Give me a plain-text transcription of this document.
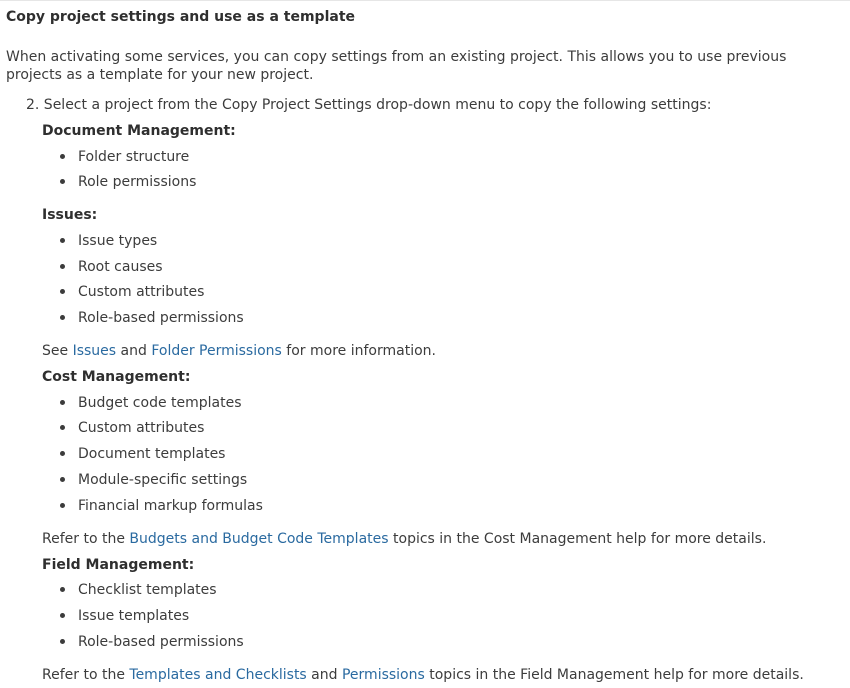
Copy project settings and use as a template
When activating some services, you can copy settings from an existing project. This allows you to use previous projects as a template for your new project.
2. Select a project from the Copy Project Settings drop-down menu to copy the following settings:
Document Management:
Folder structure
Role permissions
Issues:
Issue types
Root causes
Custom attributes
Role-based permissions
See Issues and Folder Permissions for more information.
Cost Management:
Budget code templates
Custom attributes
Document templates
Module-specific settings
Financial markup formulas
Refer to the Budgets and Budget Code Templates topics in the Cost Management help for more details.
Field Management:
Checklist templates
Issue templates
Role-based permissions
Refer to the Templates and Checklists and Permissions topics in the Field Management help for more details.
